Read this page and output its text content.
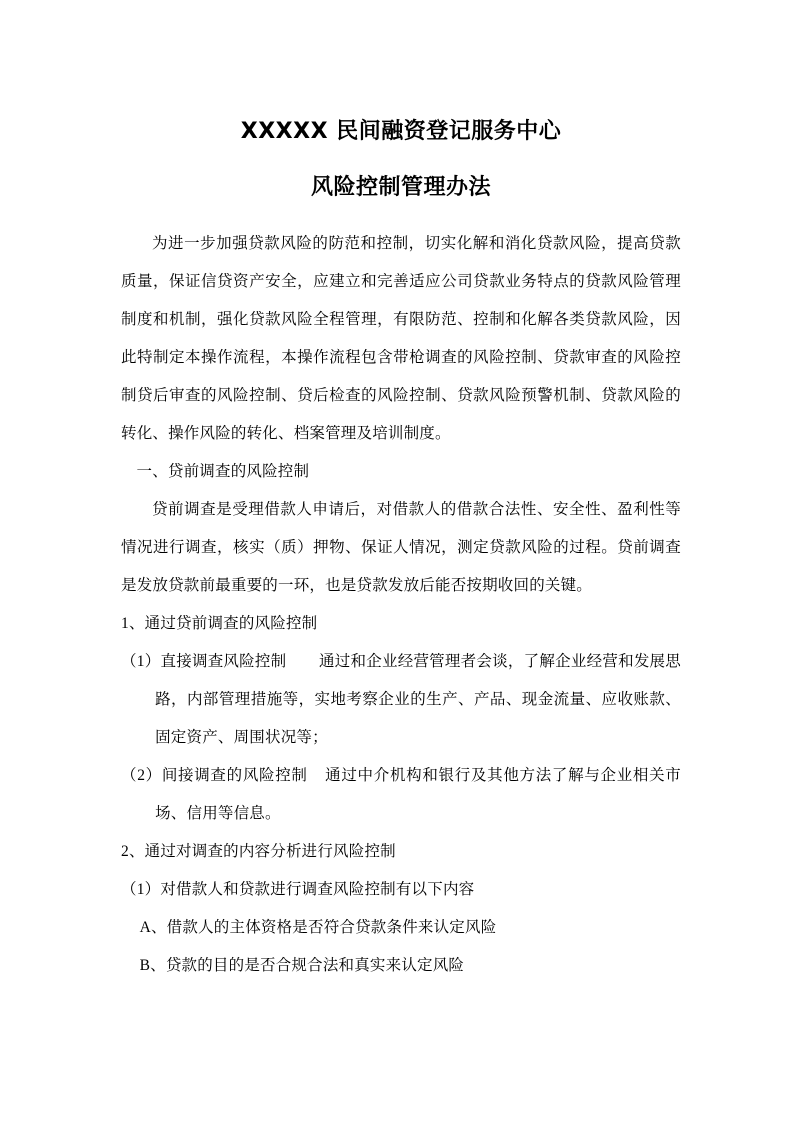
XXXXX 民间融资登记服务中心
风险控制管理办法

为进一步加强贷款风险的防范和控制，切实化解和消化贷款风险，提高贷款质量，保证信贷资产安全，应建立和完善适应公司贷款业务特点的贷款风险管理制度和机制，强化贷款风险全程管理，有限防范、控制和化解各类贷款风险，因此特制定本操作流程，本操作流程包含带枪调查的风险控制、贷款审查的风险控制贷后审查的风险控制、贷后检查的风险控制、贷款风险预警机制、贷款风险的转化、操作风险的转化、档案管理及培训制度。

一、贷前调查的风险控制

贷前调查是受理借款人申请后，对借款人的借款合法性、安全性、盈利性等情况进行调查，核实（质）押物、保证人情况，测定贷款风险的过程。贷前调查是发放贷款前最重要的一环，也是贷款发放后能否按期收回的关键。

1、通过贷前调查的风险控制

（1）直接调查风险控制 通过和企业经营管理者会谈，了解企业经营和发展思路，内部管理措施等，实地考察企业的生产、产品、现金流量、应收账款、固定资产、周围状况等；

（2）间接调查的风险控制 通过中介机构和银行及其他方法了解与企业相关市场、信用等信息。

2、通过对调查的内容分析进行风险控制

（1）对借款人和贷款进行调查风险控制有以下内容

A、借款人的主体资格是否符合贷款条件来认定风险

B、贷款的目的是否合规合法和真实来认定风险
